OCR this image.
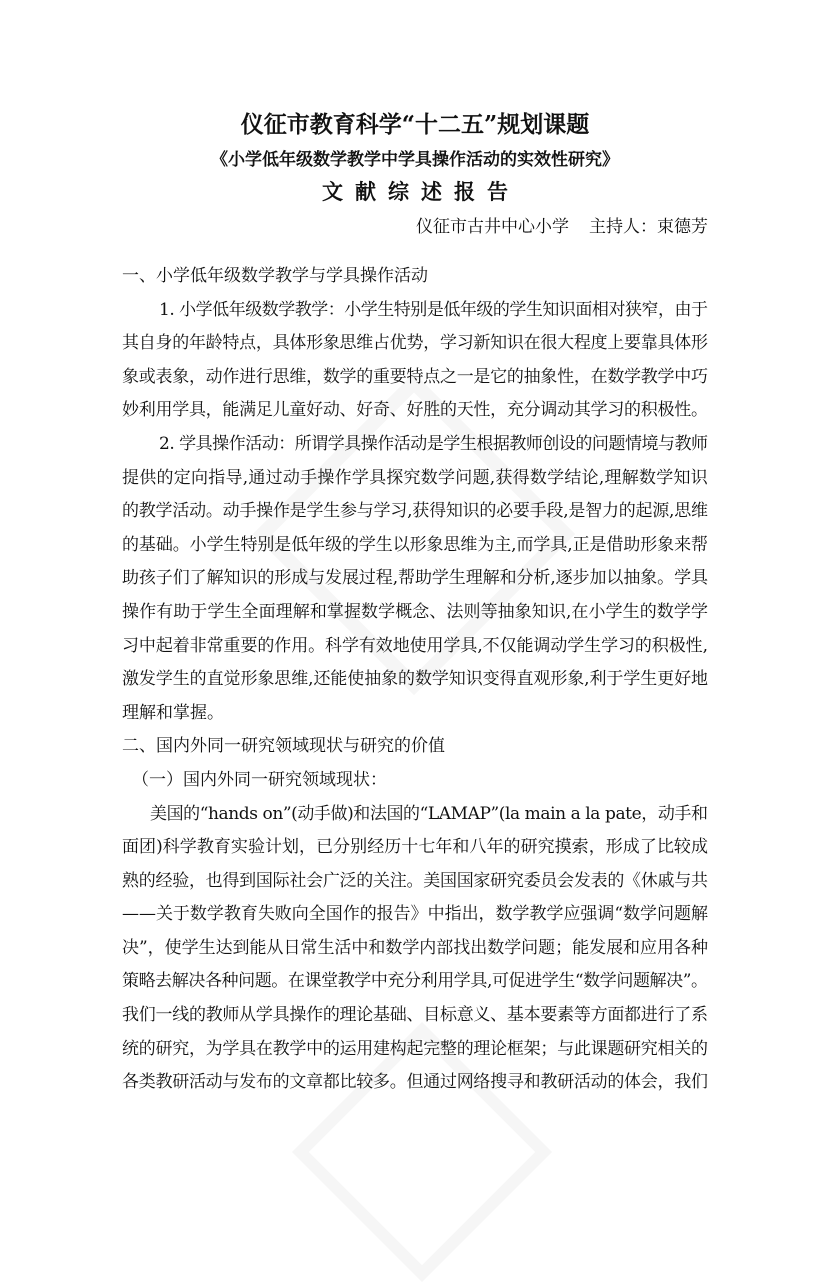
仪征市教育科学“十二五”规划课题
《小学低年级数学教学中学具操作活动的实效性研究》
文献综述报告
仪征市古井中心小学 主持人：束德芳
一、小学低年级数学教学与学具操作活动
1. 小学低年级数学教学：小学生特别是低年级的学生知识面相对狭窄，由于
其自身的年龄特点，具体形象思维占优势，学习新知识在很大程度上要靠具体形
象或表象，动作进行思维，数学的重要特点之一是它的抽象性，在数学教学中巧
妙利用学具，能满足儿童好动、好奇、好胜的天性，充分调动其学习的积极性。
2. 学具操作活动：所谓学具操作活动是学生根据教师创设的问题情境与教师
提供的定向指导,通过动手操作学具探究数学问题,获得数学结论,理解数学知识
的教学活动。动手操作是学生参与学习,获得知识的必要手段,是智力的起源,思维
的基础。小学生特别是低年级的学生以形象思维为主,而学具,正是借助形象来帮
助孩子们了解知识的形成与发展过程,帮助学生理解和分析,逐步加以抽象。学具
操作有助于学生全面理解和掌握数学概念、法则等抽象知识,在小学生的数学学
习中起着非常重要的作用。科学有效地使用学具,不仅能调动学生学习的积极性,
激发学生的直觉形象思维,还能使抽象的数学知识变得直观形象,利于学生更好地
理解和掌握。
二、国内外同一研究领域现状与研究的价值
（一）国内外同一研究领域现状：
美国的“hands on”(动手做)和法国的“LAMAP”(la main a la pate，动手和
面团)科学教育实验计划，已分别经历十七年和八年的研究摸索，形成了比较成
熟的经验，也得到国际社会广泛的关注。美国国家研究委员会发表的《休戚与共
——关于数学教育失败向全国作的报告》中指出，数学教学应强调“数学问题解
决”，使学生达到能从日常生活中和数学内部找出数学问题；能发展和应用各种
策略去解决各种问题。在课堂教学中充分利用学具,可促进学生“数学问题解决”。
我们一线的教师从学具操作的理论基础、目标意义、基本要素等方面都进行了系
统的研究，为学具在教学中的运用建构起完整的理论框架；与此课题研究相关的
各类教研活动与发布的文章都比较多。但通过网络搜寻和教研活动的体会，我们
